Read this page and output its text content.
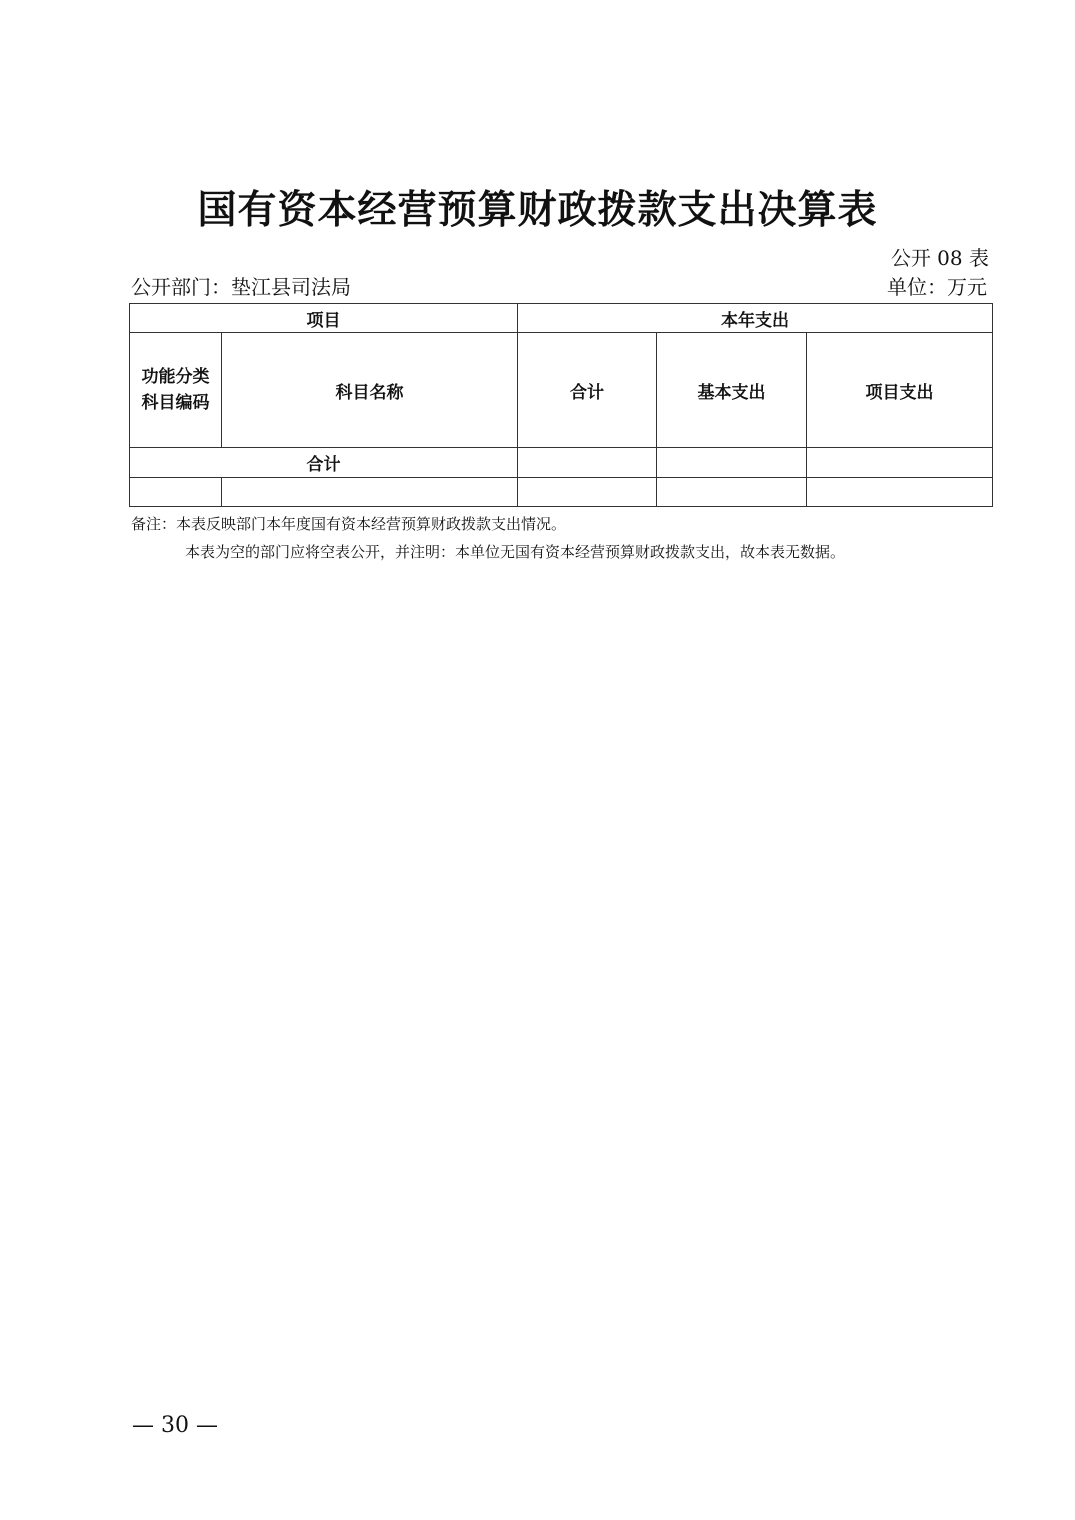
国有资本经营预算财政拨款支出决算表
公开 08 表
公开部门：垫江县司法局	单位：万元
项目		本年支出		

功能分类科目编码	科目名称	合计	基本支出	项目支出
合计				

备注：本表反映部门本年度国有资本经营预算财政拨款支出情况。
本表为空的部门应将空表公开，并注明：本单位无国有资本经营预算财政拨款支出，故本表无数据。
— 30 —
